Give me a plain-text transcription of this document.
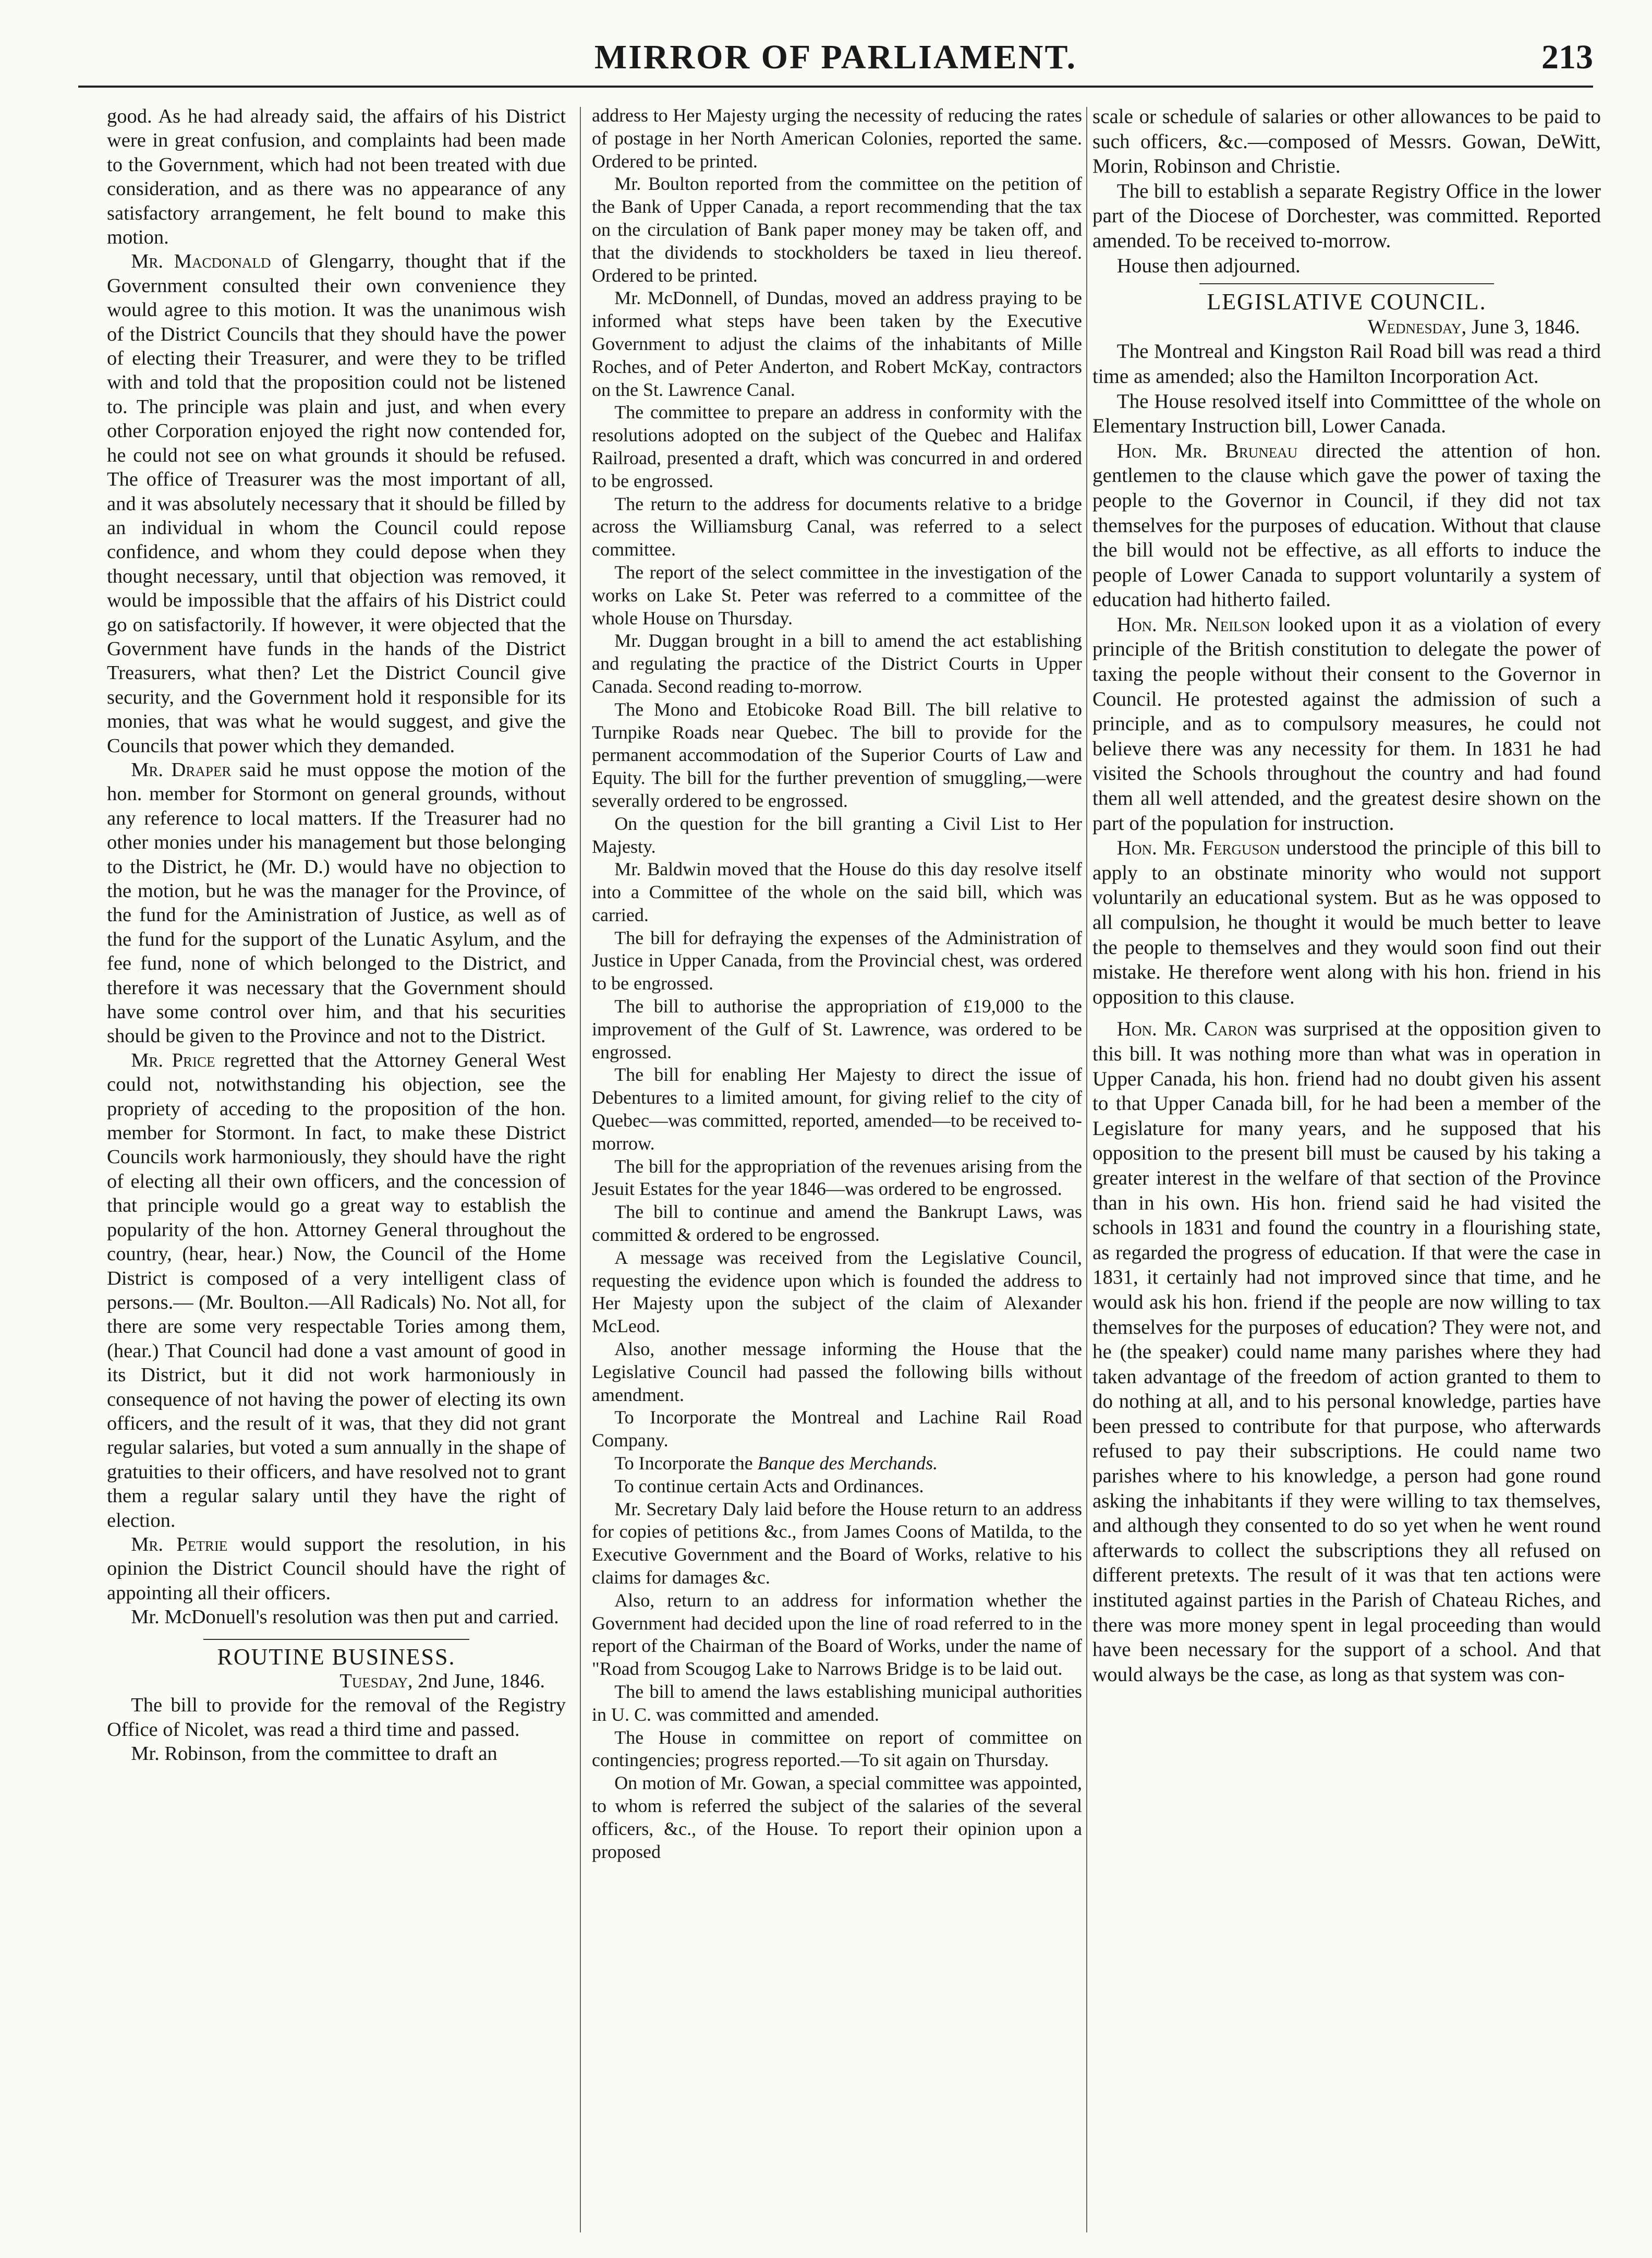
MIRROR OF PARLIAMENT.	213

good. As he had already said, the affairs of his District were in great confusion, and complaints had been made to the Government, which had not been treated with due consideration, and as there was no appearance of any satisfactory arrangement, he felt bound to make this motion.

Mr. Macdonald of Glengarry, thought that if the Government consulted their own convenience they would agree to this motion. It was the unanimous wish of the District Councils that they should have the power of electing their Treasurer, and were they to be trifled with and told that the proposition could not be listened to. The principle was plain and just, and when every other Corporation enjoyed the right now contended for, he could not see on what grounds it should be refused. The office of Treasurer was the most important of all, and it was absolutely necessary that it should be filled by an individual in whom the Council could repose confidence, and whom they could depose when they thought necessary, until that objection was removed, it would be impossible that the affairs of his District could go on satisfactorily. If however, it were objected that the Government have funds in the hands of the District Treasurers, what then? Let the District Council give security, and the Government hold it responsible for its monies, that was what he would suggest, and give the Councils that power which they demanded.

Mr. Draper said he must oppose the motion of the hon. member for Stormont on general grounds, without any reference to local matters. If the Treasurer had no other monies under his management but those belonging to the District, he (Mr. D.) would have no objection to the motion, but he was the manager for the Province, of the fund for the Aministration of Justice, as well as of the fund for the support of the Lunatic Asylum, and the fee fund, none of which belonged to the District, and therefore it was necessary that the Government should have some control over him, and that his securities should be given to the Province and not to the District.

Mr. Price regretted that the Attorney General West could not, notwithstanding his objection, see the propriety of acceding to the proposition of the hon. member for Stormont. In fact, to make these District Councils work harmoniously, they should have the right of electing all their own officers, and the concession of that principle would go a great way to establish the popularity of the hon. Attorney General throughout the country, (hear, hear.) Now, the Council of the Home District is composed of a very intelligent class of persons.— (Mr. Boulton.—All Radicals) No. Not all, for there are some very respectable Tories among them, (hear.) That Council had done a vast amount of good in its District, but it did not work harmoniously in consequence of not having the power of electing its own officers, and the result of it was, that they did not grant regular salaries, but voted a sum annually in the shape of gratuities to their officers, and have resolved not to grant them a regular salary until they have the right of election.

Mr. Petrie would support the resolution, in his opinion the District Council should have the right of appointing all their officers.

Mr. McDonuell's resolution was then put and carried.

ROUTINE BUSINESS.
Tuesday, 2nd June, 1846.

The bill to provide for the removal of the Registry Office of Nicolet, was read a third time and passed.

Mr. Robinson, from the committee to draft an

address to Her Majesty urging the necessity of reducing the rates of postage in her North American Colonies, reported the same. Ordered to be printed.

Mr. Boulton reported from the committee on the petition of the Bank of Upper Canada, a report recommending that the tax on the circulation of Bank paper money may be taken off, and that the dividends to stockholders be taxed in lieu thereof. Ordered to be printed.

Mr. McDonnell, of Dundas, moved an address praying to be informed what steps have been taken by the Executive Government to adjust the claims of the inhabitants of Mille Roches, and of Peter Anderton, and Robert McKay, contractors on the St. Lawrence Canal.

The committee to prepare an address in conformity with the resolutions adopted on the subject of the Quebec and Halifax Railroad, presented a draft, which was concurred in and ordered to be engrossed.

The return to the address for documents relative to a bridge across the Williamsburg Canal, was referred to a select committee.

The report of the select committee in the investigation of the works on Lake St. Peter was referred to a committee of the whole House on Thursday.

Mr. Duggan brought in a bill to amend the act establishing and regulating the practice of the District Courts in Upper Canada. Second reading to-morrow.

The Mono and Etobicoke Road Bill. The bill relative to Turnpike Roads near Quebec. The bill to provide for the permanent accommodation of the Superior Courts of Law and Equity. The bill for the further prevention of smuggling,—were severally ordered to be engrossed.

On the question for the bill granting a Civil List to Her Majesty.

Mr. Baldwin moved that the House do this day resolve itself into a Committee of the whole on the said bill, which was carried.

The bill for defraying the expenses of the Administration of Justice in Upper Canada, from the Provincial chest, was ordered to be engrossed.

The bill to authorise the appropriation of £19,000 to the improvement of the Gulf of St. Lawrence, was ordered to be engrossed.

The bill for enabling Her Majesty to direct the issue of Debentures to a limited amount, for giving relief to the city of Quebec—was committed, reported, amended—to be received to-morrow.

The bill for the appropriation of the revenues arising from the Jesuit Estates for the year 1846—was ordered to be engrossed.

The bill to continue and amend the Bankrupt Laws, was committed & ordered to be engrossed.

A message was received from the Legislative Council, requesting the evidence upon which is founded the address to Her Majesty upon the subject of the claim of Alexander McLeod.

Also, another message informing the House that the Legislative Council had passed the following bills without amendment.

To Incorporate the Montreal and Lachine Rail Road Company.

To Incorporate the Banque des Merchands.

To continue certain Acts and Ordinances.

Mr. Secretary Daly laid before the House return to an address for copies of petitions &c., from James Coons of Matilda, to the Executive Government and the Board of Works, relative to his claims for damages &c.

Also, return to an address for information whether the Government had decided upon the line of road referred to in the report of the Chairman of the Board of Works, under the name of "Road from Scougog Lake to Narrows Bridge is to be laid out.

The bill to amend the laws establishing municipal authorities in U. C. was committed and amended.

The House in committee on report of committee on contingencies; progress reported.—To sit again on Thursday.

On motion of Mr. Gowan, a special committee was appointed, to whom is referred the subject of the salaries of the several officers, &c., of the House. To report their opinion upon a proposed

scale or schedule of salaries or other allowances to be paid to such officers, &c.—composed of Messrs. Gowan, DeWitt, Morin, Robinson and Christie.

The bill to establish a separate Registry Office in the lower part of the Diocese of Dorchester, was committed. Reported amended. To be received to-morrow.

House then adjourned.

LEGISLATIVE COUNCIL.
Wednesday, June 3, 1846.

The Montreal and Kingston Rail Road bill was read a third time as amended; also the Hamilton Incorporation Act.

The House resolved itself into Committtee of the whole on Elementary Instruction bill, Lower Canada.

Hon. Mr. Bruneau directed the attention of hon. gentlemen to the clause which gave the power of taxing the people to the Governor in Council, if they did not tax themselves for the purposes of education. Without that clause the bill would not be effective, as all efforts to induce the people of Lower Canada to support voluntarily a system of education had hitherto failed.

Hon. Mr. Neilson looked upon it as a violation of every principle of the British constitution to delegate the power of taxing the people without their consent to the Governor in Council. He protested against the admission of such a principle, and as to compulsory measures, he could not believe there was any necessity for them. In 1831 he had visited the Schools throughout the country and had found them all well attended, and the greatest desire shown on the part of the population for instruction.

Hon. Mr. Ferguson understood the principle of this bill to apply to an obstinate minority who would not support voluntarily an educational system. But as he was opposed to all compulsion, he thought it would be much better to leave the people to themselves and they would soon find out their mistake. He therefore went along with his hon. friend in his opposition to this clause.

Hon. Mr. Caron was surprised at the opposition given to this bill. It was nothing more than what was in operation in Upper Canada, his hon. friend had no doubt given his assent to that Upper Canada bill, for he had been a member of the Legislature for many years, and he supposed that his opposition to the present bill must be caused by his taking a greater interest in the welfare of that section of the Province than in his own. His hon. friend said he had visited the schools in 1831 and found the country in a flourishing state, as regarded the progress of education. If that were the case in 1831, it certainly had not improved since that time, and he would ask his hon. friend if the people are now willing to tax themselves for the purposes of education? They were not, and he (the speaker) could name many parishes where they had taken advantage of the freedom of action granted to them to do nothing at all, and to his personal knowledge, parties have been pressed to contribute for that purpose, who afterwards refused to pay their subscriptions. He could name two parishes where to his knowledge, a person had gone round asking the inhabitants if they were willing to tax themselves, and although they consented to do so yet when he went round afterwards to collect the subscriptions they all refused on different pretexts. The result of it was that ten actions were instituted against parties in the Parish of Chateau Riches, and there was more money spent in legal proceeding than would have been necessary for the support of a school. And that would always be the case, as long as that system was con-
